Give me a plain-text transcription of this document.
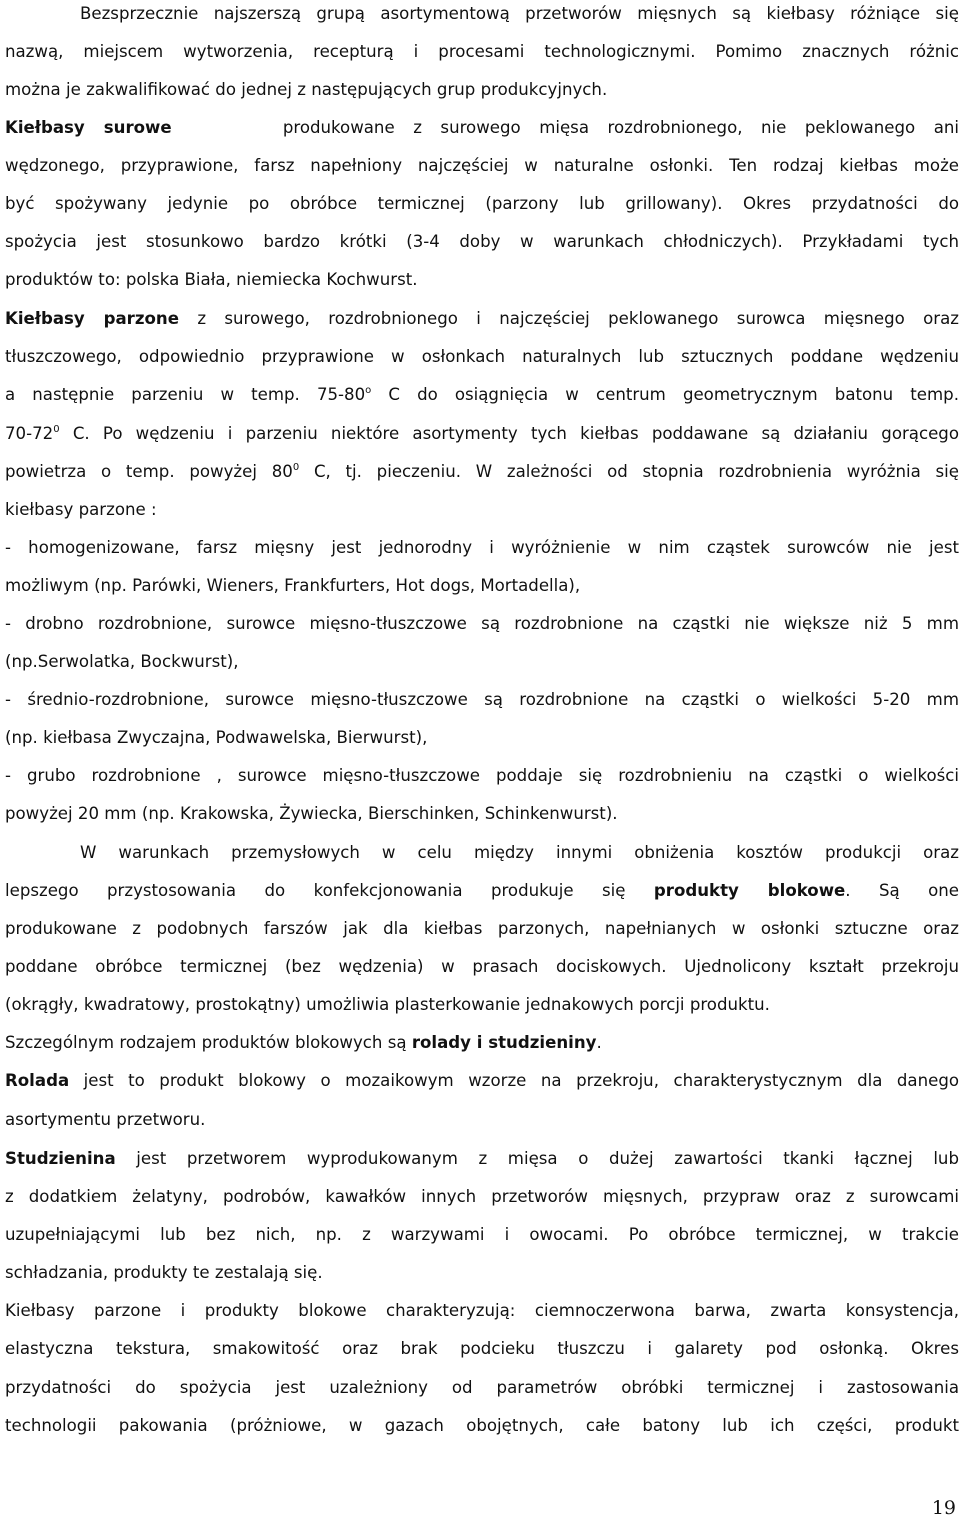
Bezsprzecznie najszerszą grupą asortymentową przetworów mięsnych są kiełbasy różniące się
nazwą, miejscem wytworzenia, recepturą i procesami technologicznymi. Pomimo znacznych różnic
można je zakwalifikować do jednej z następujących grup produkcyjnych.
Kiełbasy surowe	produkowane z surowego mięsa rozdrobnionego, nie peklowanego ani
wędzonego, przyprawione, farsz napełniony najczęściej w naturalne osłonki. Ten rodzaj kiełbas może
być spożywany jedynie po obróbce termicznej (parzony lub grillowany). Okres przydatności do
spożycia jest stosunkowo bardzo krótki (3-4 doby w warunkach chłodniczych). Przykładami tych
produktów to: polska Biała, niemiecka Kochwurst.
Kiełbasy parzone z surowego, rozdrobnionego i najczęściej peklowanego surowca mięsnego oraz
tłuszczowego, odpowiednio przyprawione w osłonkach naturalnych lub sztucznych poddane wędzeniu
a następnie parzeniu w temp. 75-80$^o$ C do osiągnięcia w centrum geometrycznym batonu temp.
$70-72^0$ C. Po wędzeniu i parzeniu niektóre asortymenty tych kiełbas poddawane są działaniu gorącego
powietrza o temp. powyżej $80^0$ C, tj. pieczeniu. W zależności od stopnia rozdrobnienia wyróżnia się
kiełbasy parzone :
- homogenizowane, farsz mięsny jest jednorodny i wyróżnienie w nim cząstek surowców nie jest
możliwym (np. Parówki, Wieners, Frankfurters, Hot dogs, Mortadella),
- drobno rozdrobnione, surowce mięsno-tłuszczowe są rozdrobnione na cząstki nie większe niż 5 mm
(np.Serwolatka, Bockwurst),
- średnio-rozdrobnione, surowce mięsno-tłuszczowe są rozdrobnione na cząstki o wielkości 5-20 mm
(np. kiełbasa Zwyczajna, Podwawelska, Bierwurst),
- grubo rozdrobnione , surowce mięsno-tłuszczowe poddaje się rozdrobnieniu na cząstki o wielkości
powyżej 20 mm (np. Krakowska, Żywiecka, Bierschinken, Schinkenwurst).
W warunkach przemysłowych w celu między innymi obniżenia kosztów produkcji oraz
lepszego przystosowania do konfekcjonowania produkuje się produkty blokowe. Są one
produkowane z podobnych farszów jak dla kiełbas parzonych, napełnianych w osłonki sztuczne oraz
poddane obróbce termicznej (bez wędzenia) w prasach dociskowych. Ujednolicony kształt przekroju
(okrągły, kwadratowy, prostokątny) umożliwia plasterkowanie jednakowych porcji produktu.
Szczególnym rodzajem produktów blokowych są rolady i studzieniny.
Rolada jest to produkt blokowy o mozaikowym wzorze na przekroju, charakterystycznym dla danego
asortymentu przetworu.
Studzienina jest przetworem wyprodukowanym z mięsa o dużej zawartości tkanki łącznej lub
z dodatkiem żelatyny, podrobów, kawałków innych przetworów mięsnych, przypraw oraz z surowcami
uzupełniającymi lub bez nich, np. z warzywami i owocami. Po obróbce termicznej, w trakcie
schładzania, produkty te zestalają się.
Kiełbasy parzone i produkty blokowe charakteryzują: ciemnoczerwona barwa, zwarta konsystencja,
elastyczna tekstura, smakowitość oraz brak podcieku tłuszczu i galarety pod osłonką. Okres
przydatności do spożycia jest uzależniony od parametrów obróbki termicznej i zastosowania
technologii pakowania (próżniowe, w gazach obojętnych, całe batony lub ich części, produkt
19
